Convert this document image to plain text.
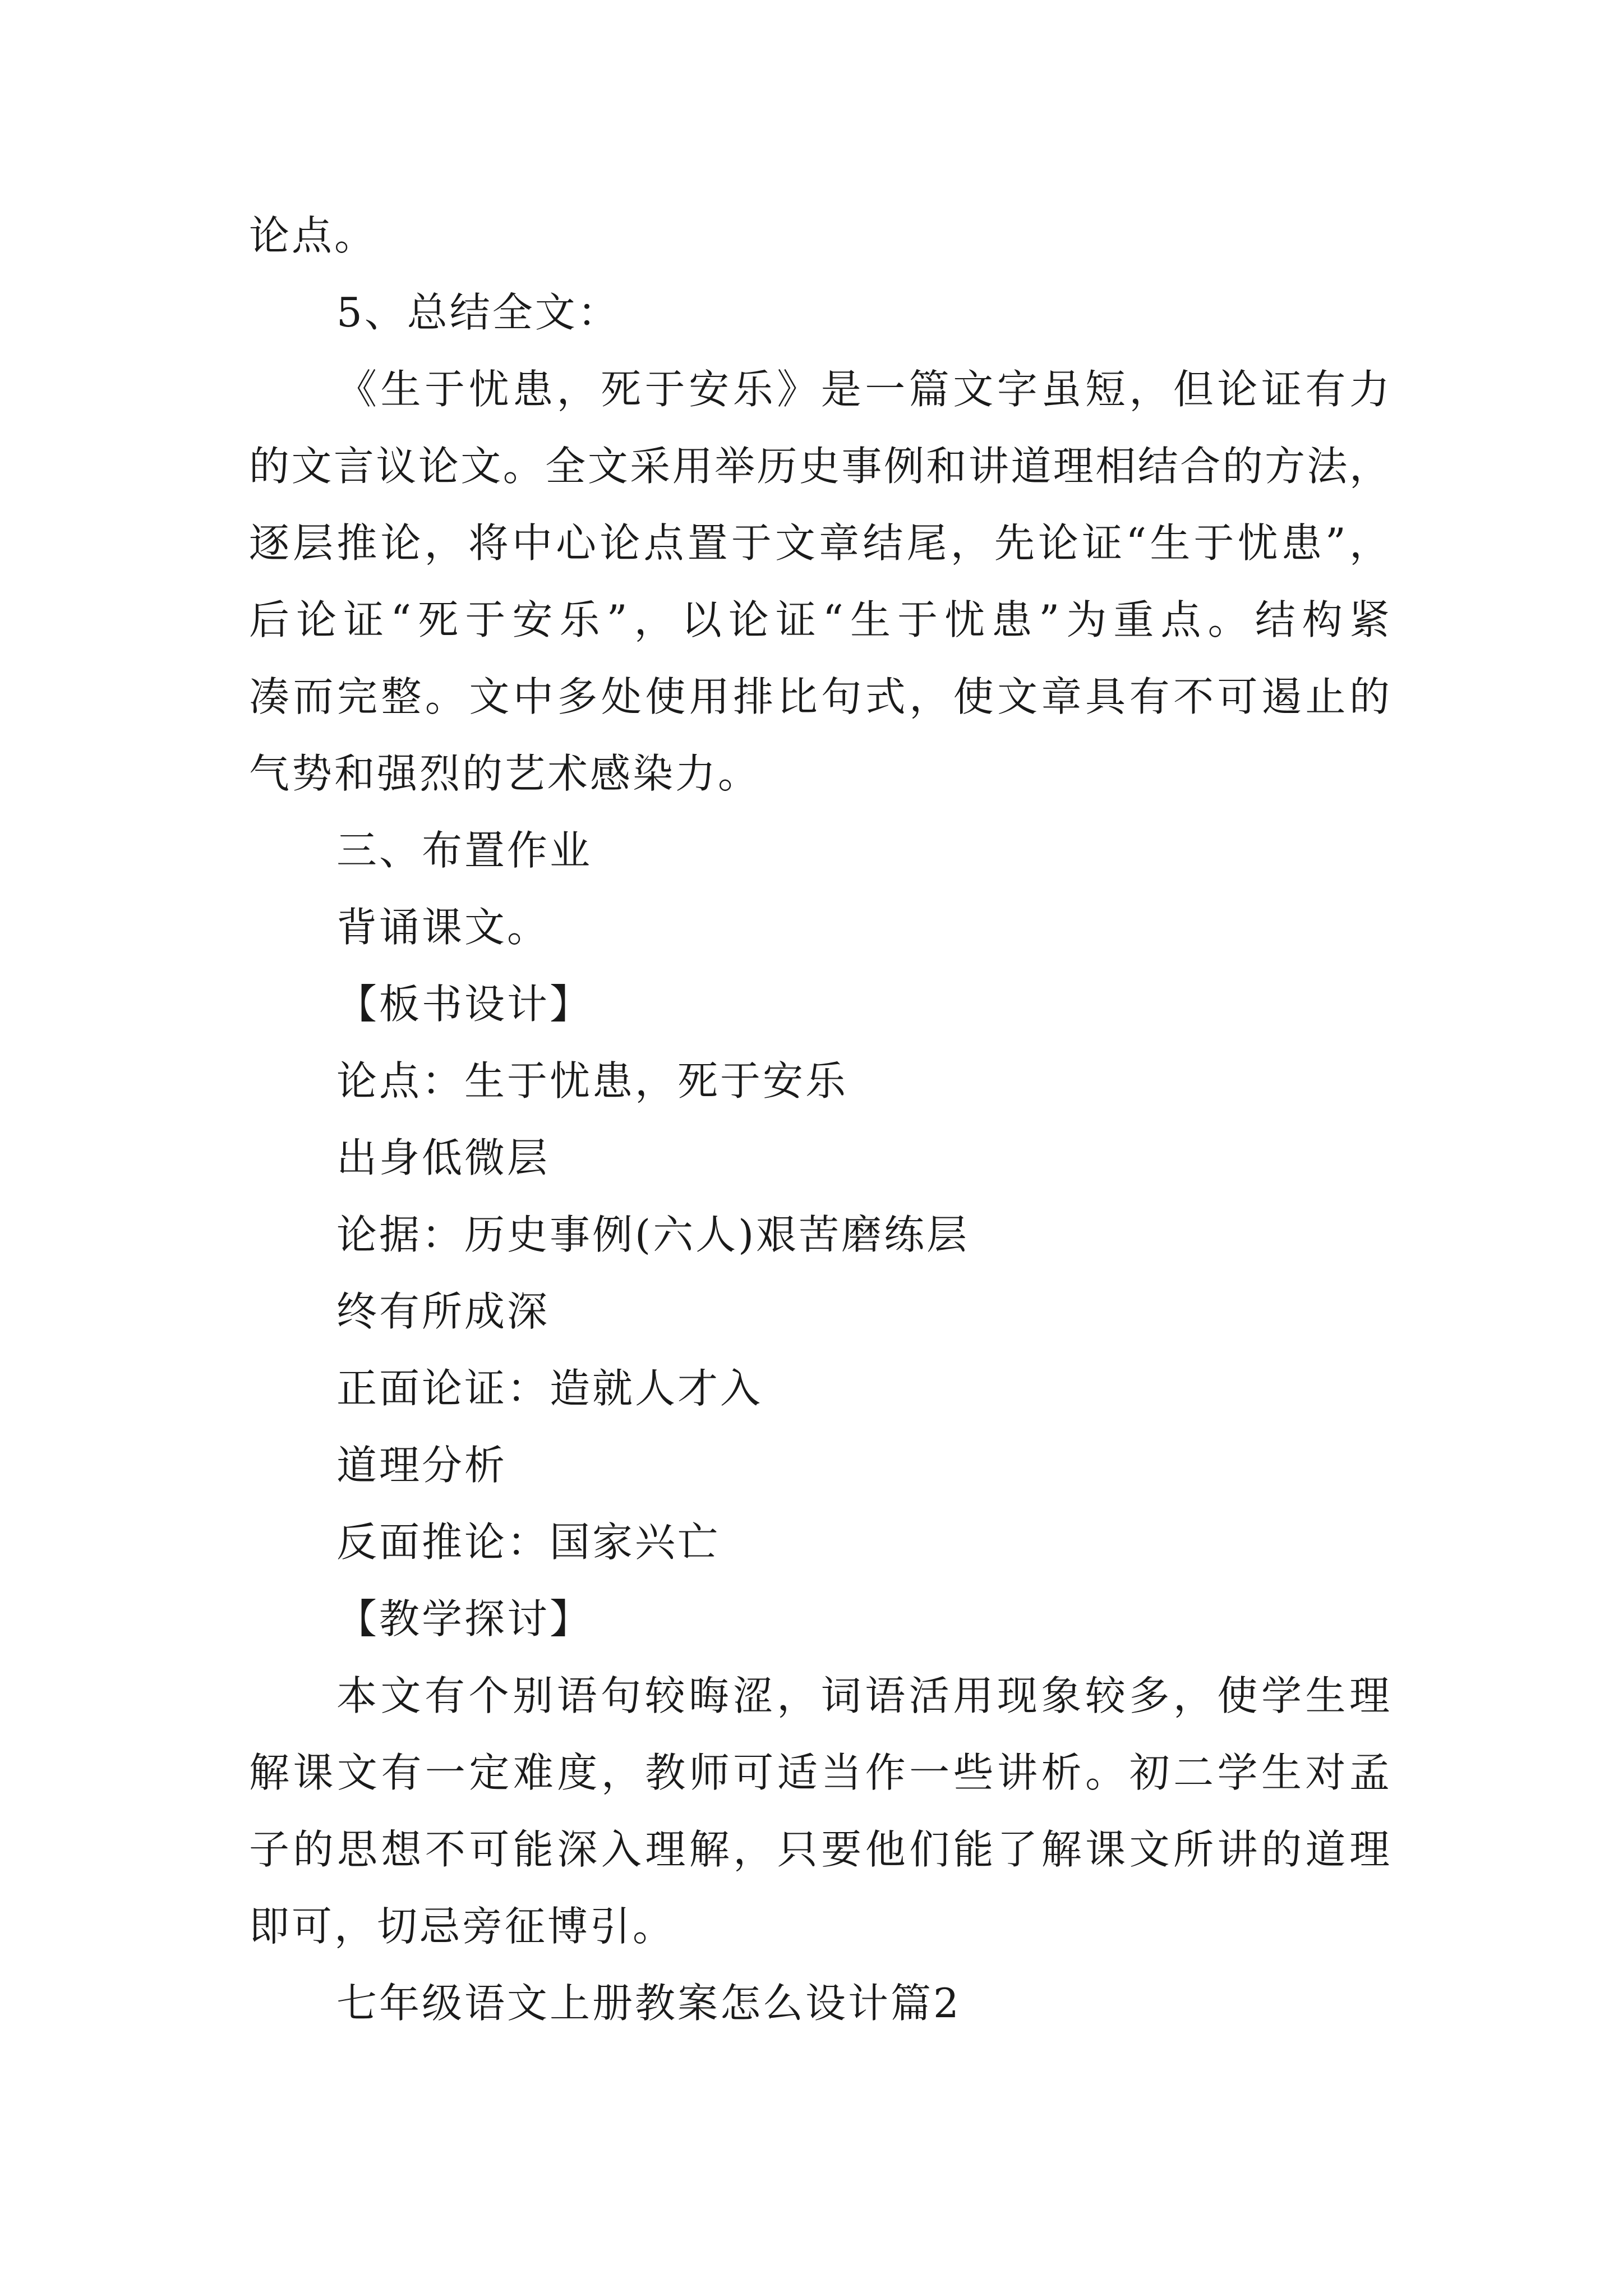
论点。
5、总结全文：
《生于忧患，死于安乐》是一篇文字虽短，但论证有力
的文言议论文。全文采用举历史事例和讲道理相结合的方法，
逐层推论，将中心论点置于文章结尾，先论证“生于忧患”，
后论证“死于安乐”，以论证“生于忧患”为重点。结构紧
凑而完整。文中多处使用排比句式，使文章具有不可遏止的
气势和强烈的艺术感染力。
三、布置作业
背诵课文。
【板书设计】
论点：生于忧患，死于安乐
出身低微层
论据：历史事例(六人)艰苦磨练层
终有所成深
正面论证：造就人才入
道理分析
反面推论：国家兴亡
【教学探讨】
本文有个别语句较晦涩，词语活用现象较多，使学生理
解课文有一定难度，教师可适当作一些讲析。初二学生对孟
子的思想不可能深入理解，只要他们能了解课文所讲的道理
即可，切忌旁征博引。
七年级语文上册教案怎么设计篇2
